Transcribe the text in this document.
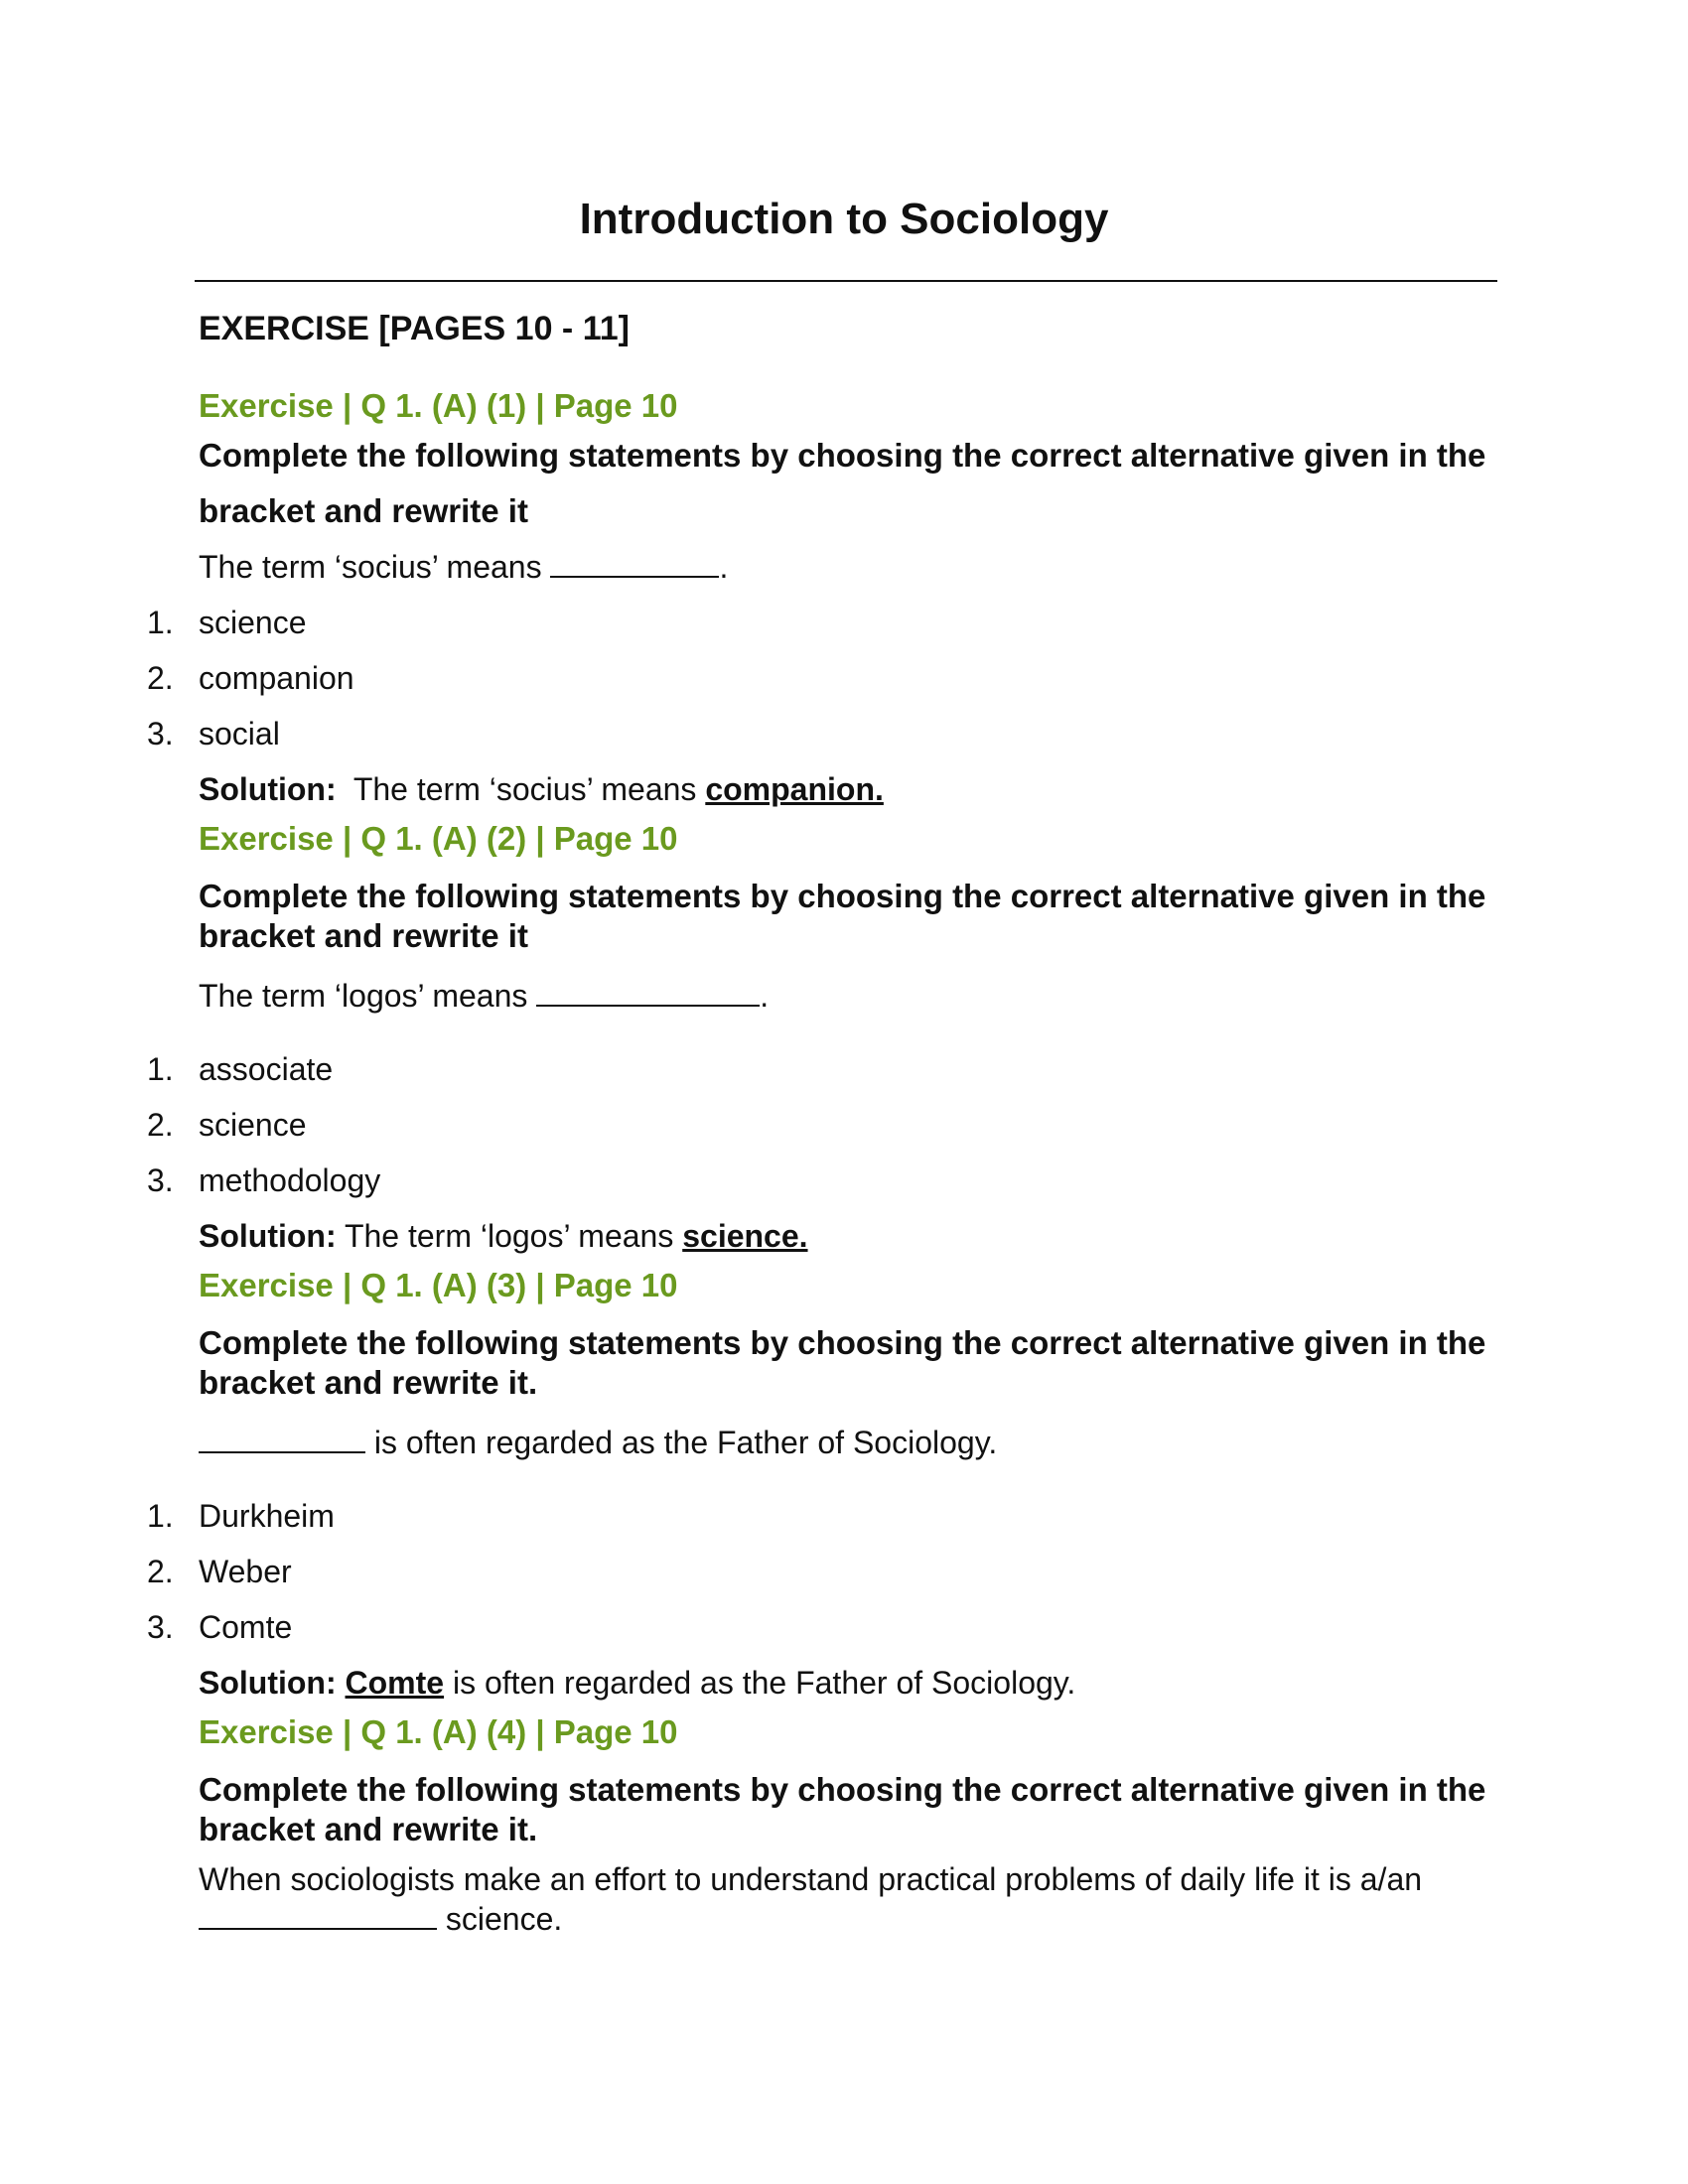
Introduction to Sociology
EXERCISE [PAGES 10 - 11]
Exercise | Q 1. (A) (1) | Page 10
Complete the following statements by choosing the correct alternative given in the bracket and rewrite it
The term ‘socius’ means	.
1. science
2. companion
3. social
Solution: The term ‘socius’ means companion.
Exercise | Q 1. (A) (2) | Page 10
Complete the following statements by choosing the correct alternative given in the bracket and rewrite it
The term ‘logos’ means	.
1. associate
2. science
3. methodology
Solution: The term ‘logos’ means science.
Exercise | Q 1. (A) (3) | Page 10
Complete the following statements by choosing the correct alternative given in the bracket and rewrite it.
is often regarded as the Father of Sociology.
1. Durkheim
2. Weber
3. Comte
Solution: Comte is often regarded as the Father of Sociology.
Exercise | Q 1. (A) (4) | Page 10
Complete the following statements by choosing the correct alternative given in the bracket and rewrite it.
When sociologists make an effort to understand practical problems of daily life it is a/an
science.
